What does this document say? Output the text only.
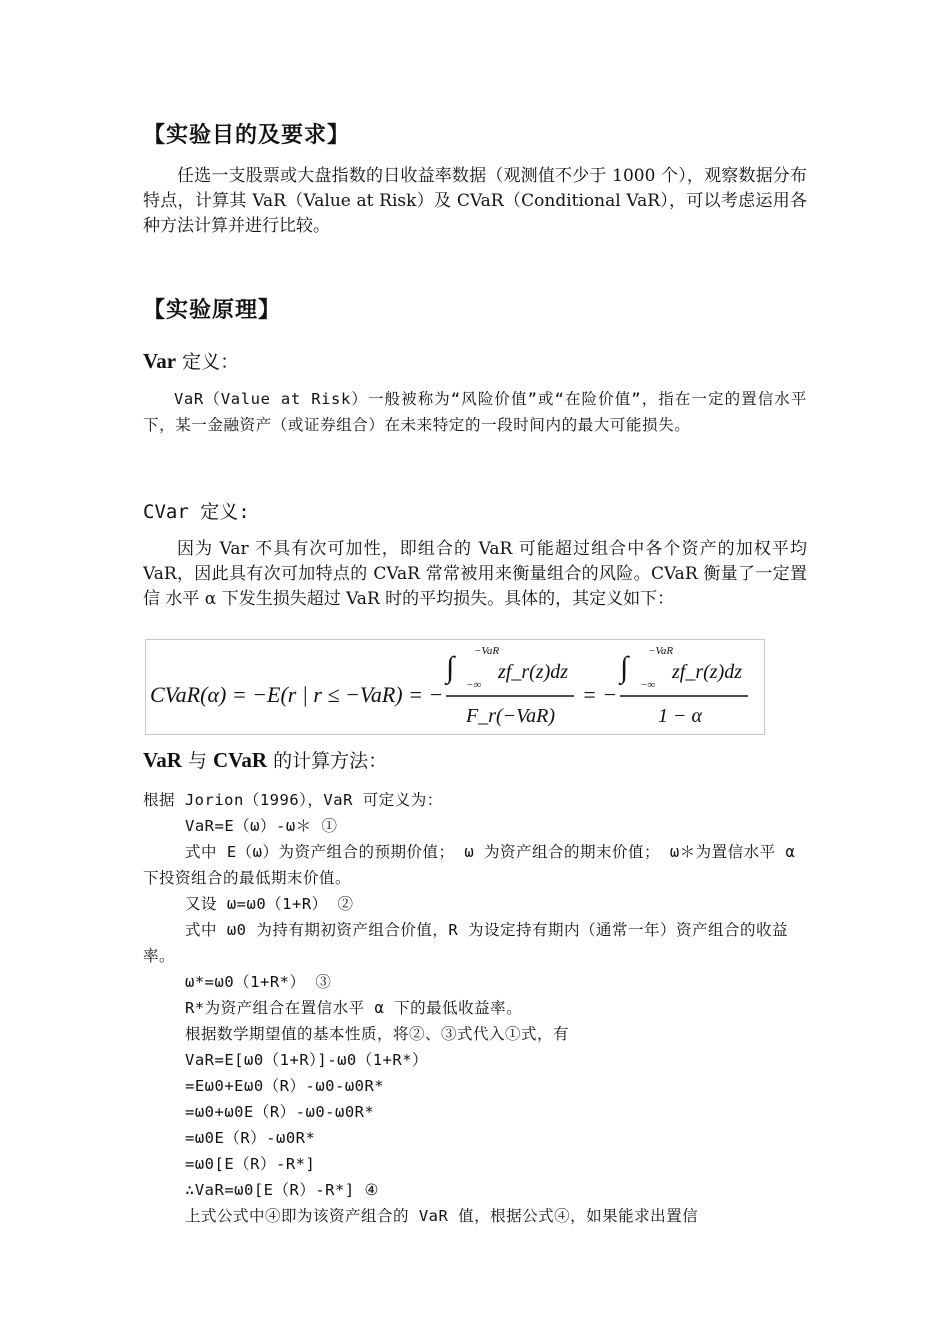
【实验目的及要求】

任选一支股票或大盘指数的日收益率数据（观测值不少于 1000 个），观察数据分布特点，计算其 VaR（Value at Risk）及 CVaR（Conditional VaR），可以考虑运用各种方法计算并进行比较。

【实验原理】
Var 定义：

VaR（Value at Risk）一般被称为“风险价值”或“在险价值”，指在一定的置信水平下，某一金融资产（或证券组合）在未来特定的一段时间内的最大可能损失。

CVar 定义:

因为 Var 不具有次可加性，即组合的 VaR 可能超过组合中各个资产的加权平均 VaR，因此具有次可加特点的 CVaR 常常被用来衡量组合的风险。CVaR 衡量了一定置信 水平 α 下发生损失超过 VaR 时的平均损失。具体的，其定义如下：

CVaR(α) = −E(r | r ≤ −VaR) = −
∫ −VaR
−∞
zf_r(z)dz
F_r(−VaR)
= −
∫ −VaR
−∞
zf_r(z)dz
1 − α
VaR 与 CVaR 的计算方法：
根据 Jorion（1996），VaR 可定义为：
VaR=E（ω）-ω＊ ①
式中 E（ω）为资产组合的预期价值； ω 为资产组合的期末价值； ω＊为置信水平 α 下投资组合的最低期末价值。
又设 ω=ω0（1+R） ②
式中 ω0 为持有期初资产组合价值，R 为设定持有期内（通常一年）资产组合的收益率。
ω*=ω0（1+R*） ③
R*为资产组合在置信水平 α 下的最低收益率。
根据数学期望值的基本性质，将②、③式代入①式，有
VaR=E[ω0（1+R）]-ω0（1+R*）
=Eω0+Eω0（R）-ω0-ω0R*
=ω0+ω0E（R）-ω0-ω0R*
=ω0E（R）-ω0R*
=ω0[E（R）-R*]
∴VaR=ω0[E（R）-R*] ④
上式公式中④即为该资产组合的 VaR 值，根据公式④，如果能求出置信
